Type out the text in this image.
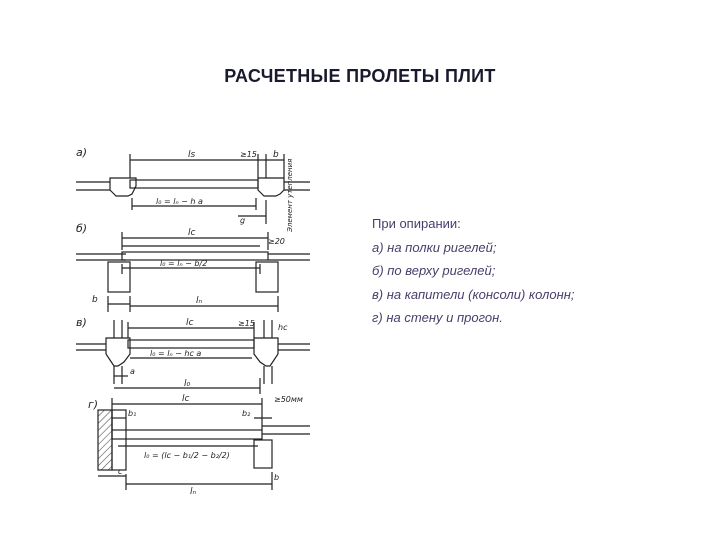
РАСЧЕТНЫЕ ПРОЛЕТЫ ПЛИТ
а)
б)
в)
г)
ls	≥15 b
l₀ = lₙ − h a
g	Элемент утепления
lc
≥20
l₀ = lₙ − b/2
b	lₙ
lc	≥15	hc
l₀ = lₙ − hc a
a
l₀
lc
b₁	b₂
≥50мм
l₀ = (lc − b₁/2 − b₂/2)
c
b
lₙ
При опирании:
а) на полки ригелей;
б) по верху ригелей;
в) на капители (консоли) колонн;
г) на стену и прогон.
